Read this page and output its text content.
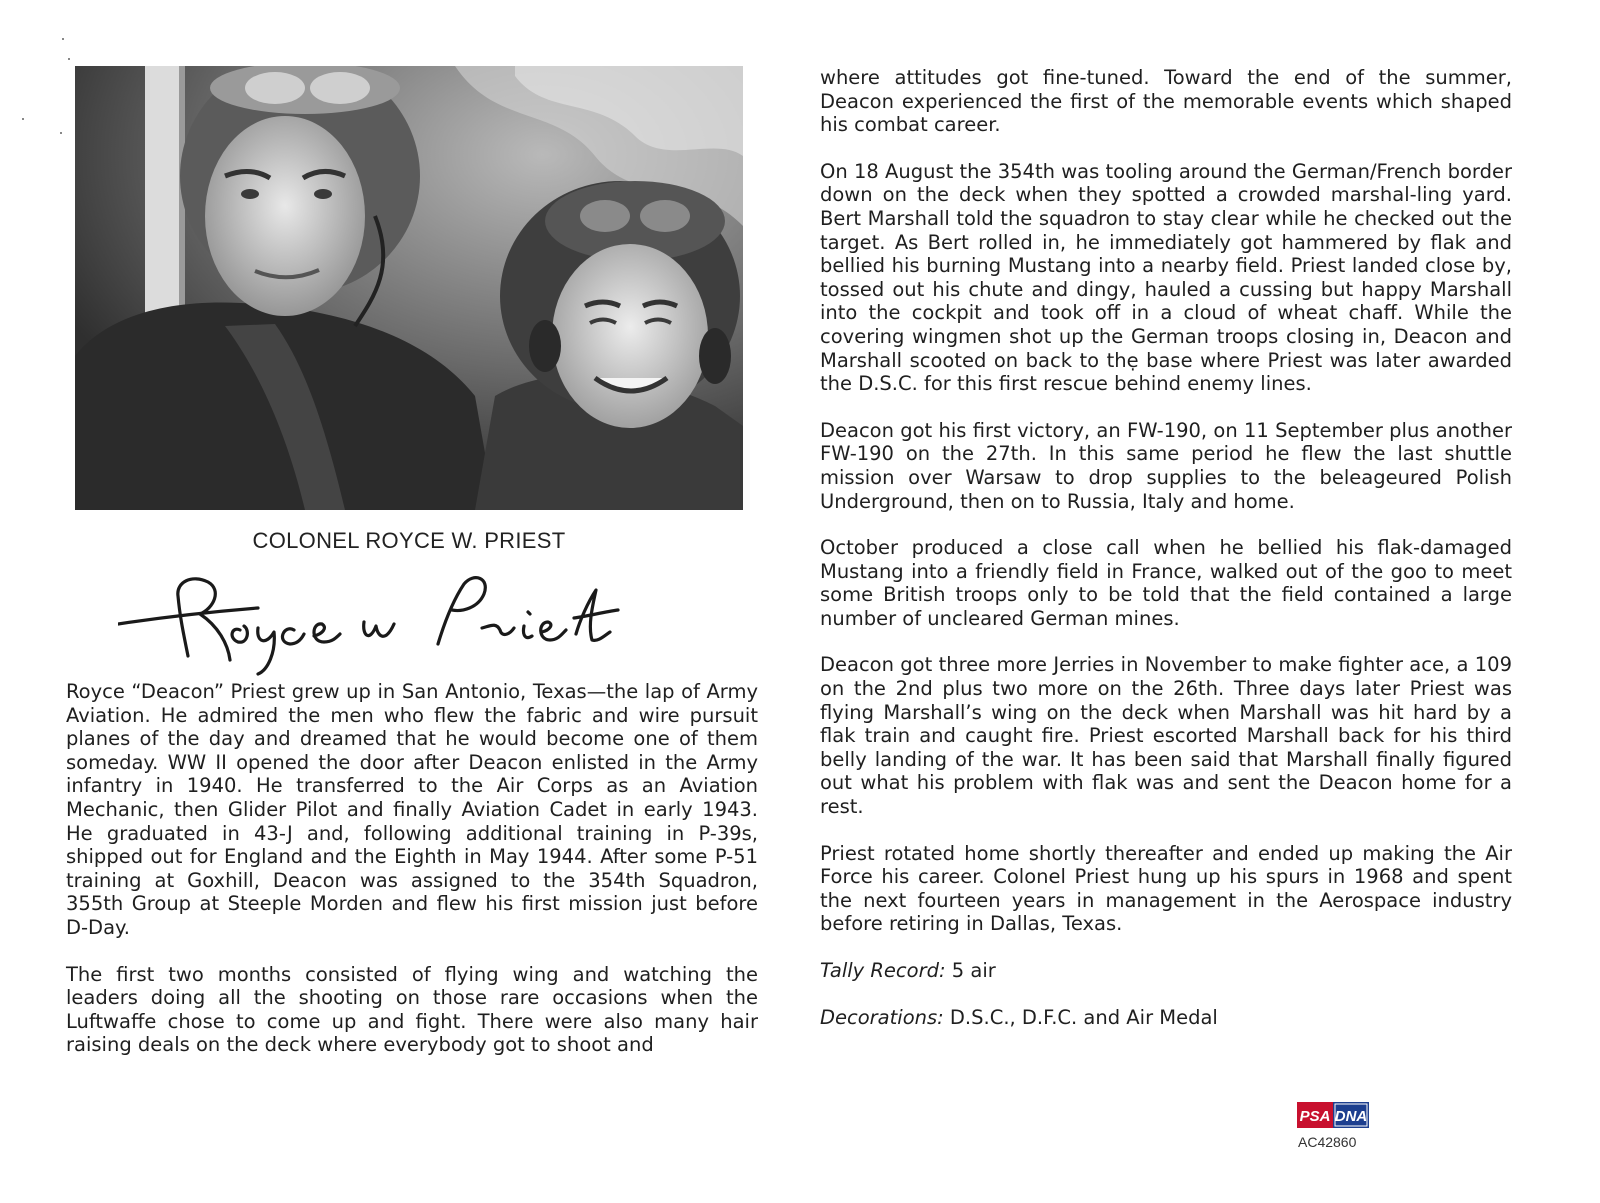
COLONEL ROYCE W. PRIEST

Royce “Deacon” Priest grew up in San Antonio, Texas—the lap of Army Aviation. He admired the men who flew the fabric and wire pursuit planes of the day and dreamed that he would become one of them someday. WW II opened the door after Deacon enlisted in the Army infantry in 1940. He transferred to the Air Corps as an Aviation Mechanic, then Glider Pilot and finally Aviation Cadet in early 1943. He graduated in 43-J and, following additional training in P-39s, shipped out for England and the Eighth in May 1944. After some P-51 training at Goxhill, Deacon was assigned to the 354th Squadron, 355th Group at Steeple Morden and flew his first mission just before D-Day.

The first two months consisted of flying wing and watching the leaders doing all the shooting on those rare occasions when the Luftwaffe chose to come up and fight. There were also many hair raising deals on the deck where everybody got to shoot and

where attitudes got fine-tuned. Toward the end of the summer, Deacon experienced the first of the memorable events which shaped his combat career.

On 18 August the 354th was tooling around the German/French border down on the deck when they spotted a crowded marshal-ling yard. Bert Marshall told the squadron to stay clear while he checked out the target. As Bert rolled in, he immediately got hammered by flak and bellied his burning Mustang into a nearby field. Priest landed close by, tossed out his chute and dingy, hauled a cussing but happy Marshall into the cockpit and took off in a cloud of wheat chaff. While the covering wingmen shot up the German troops closing in, Deacon and Marshall scooted on back to thẹ base where Priest was later awarded the D.S.C. for this first rescue behind enemy lines.

Deacon got his first victory, an FW-190, on 11 September plus another FW-190 on the 27th. In this same period he flew the last shuttle mission over Warsaw to drop supplies to the beleageured Polish Underground, then on to Russia, Italy and home.

October produced a close call when he bellied his flak-damaged Mustang into a friendly field in France, walked out of the goo to meet some British troops only to be told that the field contained a large number of uncleared German mines.

Deacon got three more Jerries in November to make fighter ace, a 109 on the 2nd plus two more on the 26th. Three days later Priest was flying Marshall’s wing on the deck when Marshall was hit hard by a flak train and caught fire. Priest escorted Marshall back for his third belly landing of the war. It has been said that Marshall finally figured out what his problem with flak was and sent the Deacon home for a rest.

Priest rotated home shortly thereafter and ended up making the Air Force his career. Colonel Priest hung up his spurs in 1968 and spent the next fourteen years in management in the Aerospace industry before retiring in Dallas, Texas.

Tally Record: 5 air

Decorations: D.S.C., D.F.C. and Air Medal

PSA DNA
AC42860
